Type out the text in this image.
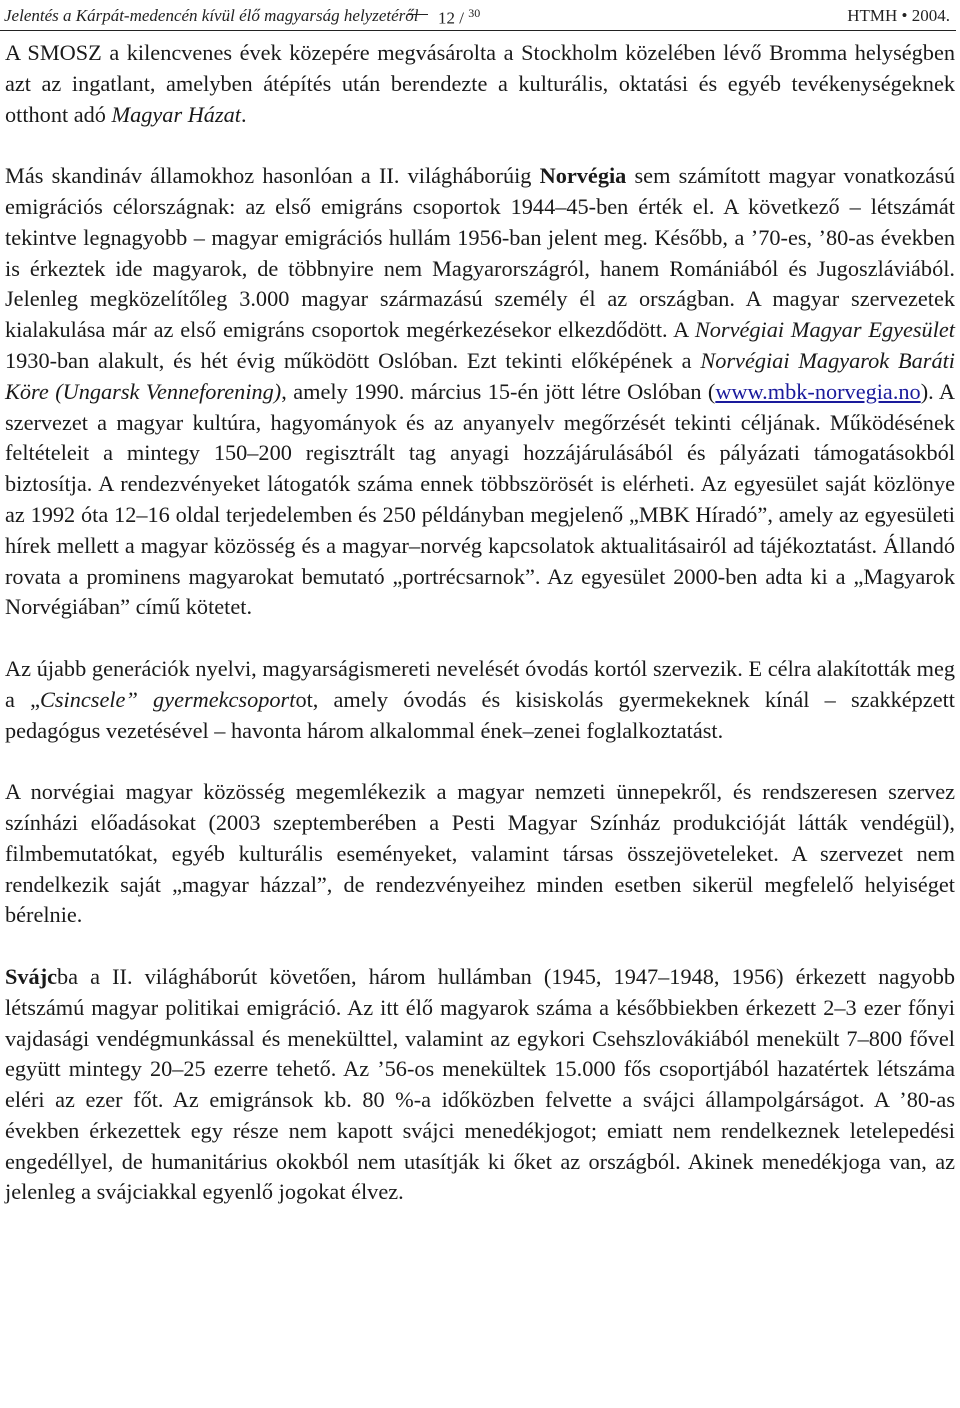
Jelentés a Kárpát-medencén kívül élő magyarság helyzetéről 12 / $^{30}$	HTMH • 2004.

A SMOSZ a kilencvenes évek közepére megvásárolta a Stockholm közelében lévő Bromma helységben azt az ingatlant, amelyben átépítés után berendezte a kulturális, oktatási és egyéb tevékenységeknek otthont adó Magyar Házat.

Más skandináv államokhoz hasonlóan a II. világháborúig Norvégia sem számított magyar vonatkozású emigrációs célországnak: az első emigráns csoportok 1944–45-ben érték el. A következő – létszámát tekintve legnagyobb – magyar emigrációs hullám 1956-ban jelent meg. Később, a ’70-es, ’80-as években is érkeztek ide magyarok, de többnyire nem Magyarországról, hanem Romániából és Jugoszláviából. Jelenleg megközelítőleg 3.000 magyar származású személy él az országban. A magyar szervezetek kialakulása már az első emigráns csoportok megérkezésekor elkezdődött. A Norvégiai Magyar Egyesület 1930-ban alakult, és hét évig működött Oslóban. Ezt tekinti előképének a Norvégiai Magyarok Baráti Köre (Ungarsk Venneforening), amely 1990. március 15-én jött létre Oslóban (www.mbk-norvegia.no). A szervezet a magyar kultúra, hagyományok és az anyanyelv megőrzését tekinti céljának. Működésének feltételeit a mintegy 150–200 regisztrált tag anyagi hozzájárulásából és pályázati támogatásokból biztosítja. A rendezvényeket látogatók száma ennek többszörösét is elérheti. Az egyesület saját közlönye az 1992 óta 12–16 oldal terjedelemben és 250 példányban megjelenő „MBK Híradó”, amely az egyesületi hírek mellett a magyar közösség és a magyar–norvég kapcsolatok aktualitásairól ad tájékoztatást. Állandó rovata a prominens magyarokat bemutató „portrécsarnok”. Az egyesület 2000-ben adta ki a „Magyarok Norvégiában” című kötetet.

Az újabb generációk nyelvi, magyarságismereti nevelését óvodás kortól szervezik. E célra alakították meg a „Csincsele” gyermekcsoportot, amely óvodás és kisiskolás gyermekeknek kínál – szakképzett pedagógus vezetésével – havonta három alkalommal ének–zenei foglalkoztatást.

A norvégiai magyar közösség megemlékezik a magyar nemzeti ünnepekről, és rendszeresen szervez színházi előadásokat (2003 szeptemberében a Pesti Magyar Színház produkcióját látták vendégül), filmbemutatókat, egyéb kulturális eseményeket, valamint társas összejöveteleket. A szervezet nem rendelkezik saját „magyar házzal”, de rendezvényeihez minden esetben sikerül megfelelő helyiséget bérelnie.

Svájcba a II. világháborút követően, három hullámban (1945, 1947–1948, 1956) érkezett nagyobb létszámú magyar politikai emigráció. Az itt élő magyarok száma a későbbiekben érkezett 2–3 ezer főnyi vajdasági vendégmunkással és menekülttel, valamint az egykori Csehszlovákiából menekült 7–800 fővel együtt mintegy 20–25 ezerre tehető. Az ’56-os menekültek 15.000 fős csoportjából hazatértek létszáma eléri az ezer főt. Az emigránsok kb. 80 %-a időközben felvette a svájci állampolgárságot. A ’80-as években érkezettek egy része nem kapott svájci menedékjogot; emiatt nem rendelkeznek letelepedési engedéllyel, de humanitárius okokból nem utasítják ki őket az országból. Akinek menedékjoga van, az jelenleg a svájciakkal egyenlő jogokat élvez.
